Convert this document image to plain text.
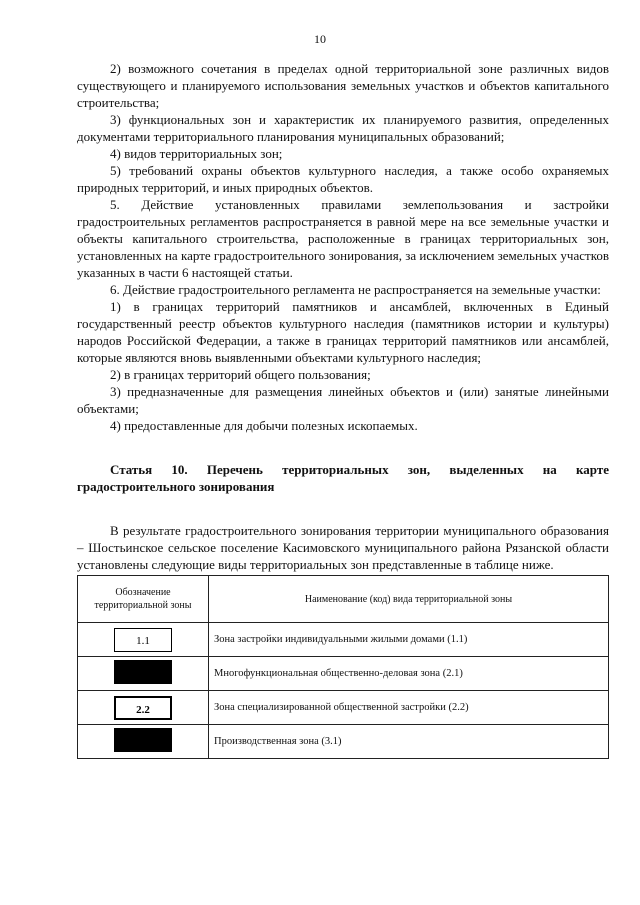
10

2) возможного сочетания в пределах одной территориальной зоне различных видов существующего и планируемого использования земельных участков и объектов капитального строительства;

3) функциональных зон и характеристик их планируемого развития, определенных документами территориального планирования муниципальных образований;

4) видов территориальных зон;

5) требований охраны объектов культурного наследия, а также особо охраняемых природных территорий, и иных природных объектов.

5. Действие установленных правилами землепользования и застройки градостроительных регламентов распространяется в равной мере на все земельные участки и объекты капитального строительства, расположенные в границах территориальных зон, установленных на карте градостроительного зонирования, за исключением земельных участков указанных в части 6 настоящей статьи.

6. Действие градостроительного регламента не распространяется на земельные участки:

1) в границах территорий памятников и ансамблей, включенных в Единый государственный реестр объектов культурного наследия (памятников истории и культуры) народов Российской Федерации, а также в границах территорий памятников или ансамблей, которые являются вновь выявленными объектами культурного наследия;

2) в границах территорий общего пользования;

3) предназначенные для размещения линейных объектов и (или) занятые линейными объектами;

4) предоставленные для добычи полезных ископаемых.

Статья 10. Перечень территориальных зон, выделенных на карте градостроительного зонирования

В результате градостроительного зонирования территории муниципального образования – Шостьинское сельское поселение Касимовского муниципального района Рязанской области установлены следующие виды территориальных зон представленные в таблице ниже.

Обозначение территориальной зоны	Наименование (код) вида территориальной зоны
1.1	Зона застройки индивидуальными жилыми домами (1.1)
	Многофункциональная общественно-деловая зона (2.1)
2.2	Зона специализированной общественной застройки (2.2)
	Производственная зона (3.1)
